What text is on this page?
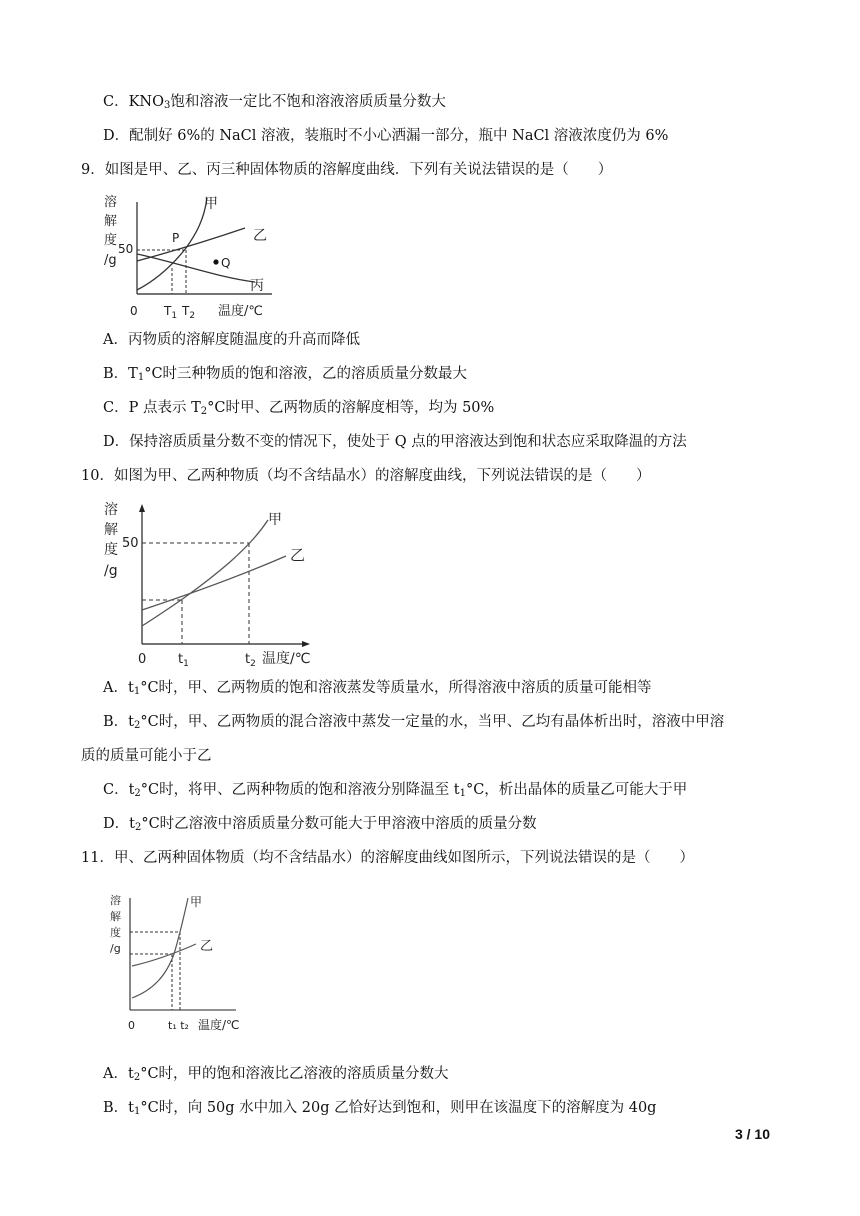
C．$KNO_3$饱和溶液一定比不饱和溶液溶质质量分数大
D．配制好 6%的 NaCl 溶液，装瓶时不小心洒漏一部分，瓶中 NaCl 溶液浓度仍为 6%
9．如图是甲、乙、丙三种固体物质的溶解度曲线．下列有关说法错误的是（　　）
溶
解
度
/g
50
0
Q
P
甲
乙
丙
$T_1$ $T_2$ 温度/℃
A．丙物质的溶解度随温度的升高而降低
B．$T_1^\circ C$时三种物质的饱和溶液，乙的溶质质量分数最大
C．P 点表示 $T_2^\circ C$时甲、乙两物质的溶解度相等，均为 50%
D．保持溶质质量分数不变的情况下，使处于 Q 点的甲溶液达到饱和状态应采取降温的方法
10．如图为甲、乙两种物质（均不含结晶水）的溶解度曲线，下列说法错误的是（　　）
溶
解
度
/g
50
0
甲
乙
$t_1$	$t_2$ 温度/℃
A．$t_1^\circ C$时，甲、乙两物质的饱和溶液蒸发等质量水，所得溶液中溶质的质量可能相等
B．$t_2^\circ C$时，甲、乙两物质的混合溶液中蒸发一定量的水，当甲、乙均有晶体析出时，溶液中甲溶
质的质量可能小于乙
C．$t_2^\circ C$时，将甲、乙两种物质的饱和溶液分别降温至 $t_1^\circ C$，析出晶体的质量乙可能大于甲
D．$t_2^\circ C$时乙溶液中溶质质量分数可能大于甲溶液中溶质的质量分数
11．甲、乙两种固体物质（均不含结晶水）的溶解度曲线如图所示，下列说法错误的是（　　）
溶
解
度
/g
0
甲
乙
t₁ t₂ 温度/℃
A．$t_2^\circ C$时，甲的饱和溶液比乙溶液的溶质质量分数大
B．$t_1^\circ C$时，向 50g 水中加入 20g 乙恰好达到饱和，则甲在该温度下的溶解度为 40g
3 / 10
